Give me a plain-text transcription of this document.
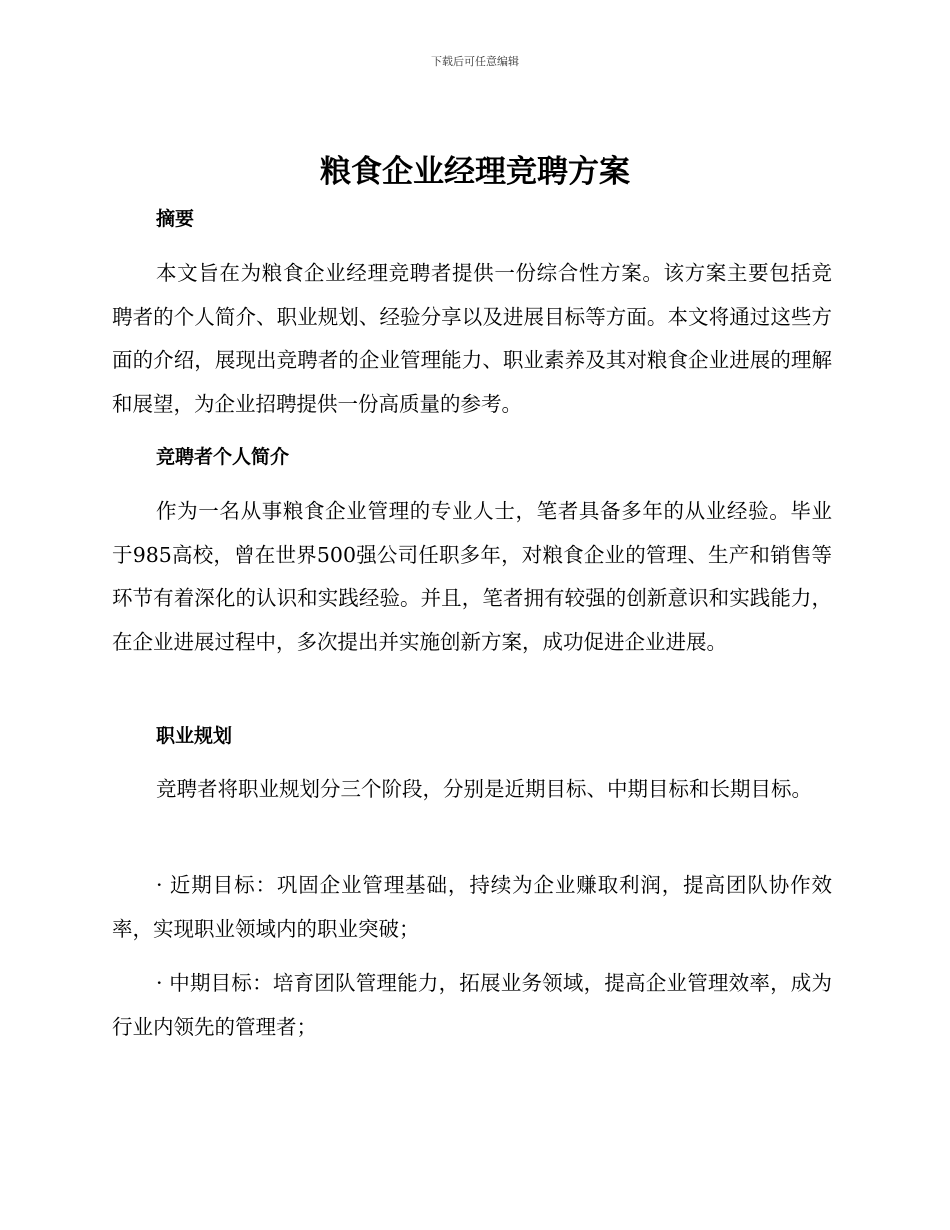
下载后可任意编辑
粮食企业经理竞聘方案
摘要

本文旨在为粮食企业经理竞聘者提供一份综合性方案。该方案主要包括竞聘者的个人简介、职业规划、经验分享以及进展目标等方面。本文将通过这些方面的介绍，展现出竞聘者的企业管理能力、职业素养及其对粮食企业进展的理解和展望，为企业招聘提供一份高质量的参考。

竞聘者个人简介

作为一名从事粮食企业管理的专业人士，笔者具备多年的从业经验。毕业于985高校，曾在世界500强公司任职多年，对粮食企业的管理、生产和销售等环节有着深化的认识和实践经验。并且，笔者拥有较强的创新意识和实践能力，在企业进展过程中，多次提出并实施创新方案，成功促进企业进展。

职业规划

竞聘者将职业规划分三个阶段，分别是近期目标、中期目标和长期目标。

· 近期目标：巩固企业管理基础，持续为企业赚取利润，提高团队协作效率，实现职业领域内的职业突破；

· 中期目标：培育团队管理能力，拓展业务领域，提高企业管理效率，成为行业内领先的管理者；
